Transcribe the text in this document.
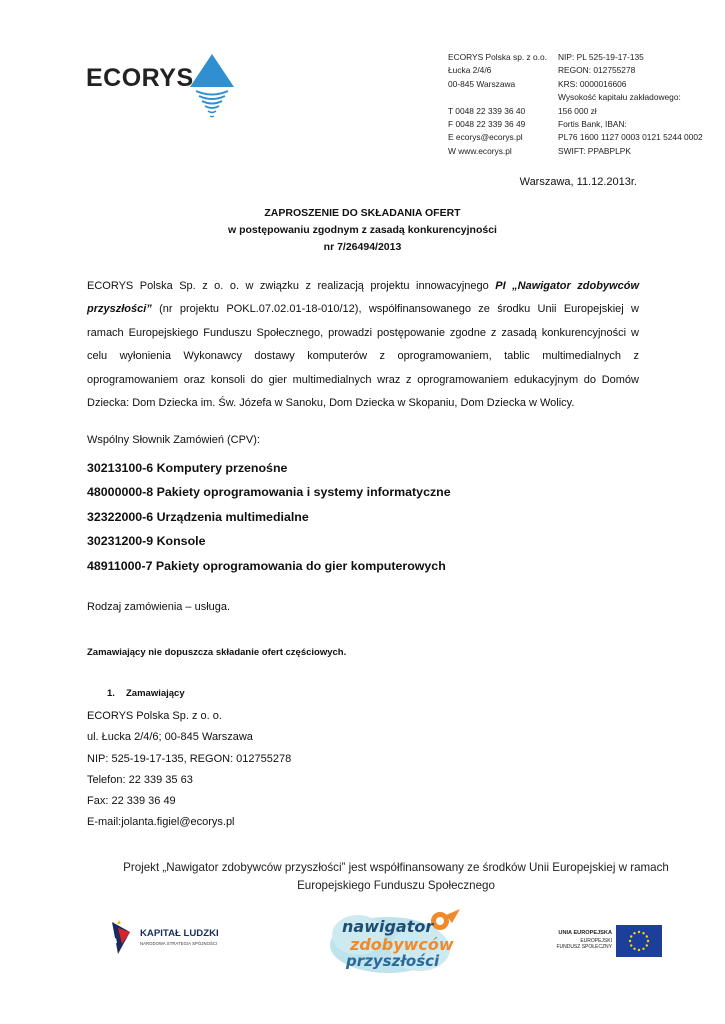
ECORYS
ECORYS Polska sp. z o.o.
Łucka 2/4/6
00-845 Warszawa
T 0048 22 339 36 40
F 0048 22 339 36 49
E ecorys@ecorys.pl
W www.ecorys.pl
NIP: PL 525-19-17-135
REGON: 012755278
KRS: 0000016606
Wysokość kapitału zakładowego:
156 000 zł
Fortis Bank, IBAN:
PL76 1600 1127 0003 0121 5244 0002
SWIFT: PPABPLPK
Warszawa, 11.12.2013r.
ZAPROSZENIE DO SKŁADANIA OFERT
w postępowaniu zgodnym z zasadą konkurencyjności
nr 7/26494/2013
ECORYS Polska Sp. z o. o. w związku z realizacją projektu innowacyjnego PI „Nawigator zdobywców przyszłości” (nr projektu POKL.07.02.01-18-010/12), współfinansowanego ze środku Unii Europejskiej w ramach Europejskiego Funduszu Społecznego, prowadzi postępowanie zgodne z zasadą konkurencyjności w celu wyłonienia Wykonawcy dostawy komputerów z oprogramowaniem, tablic multimedialnych z oprogramowaniem oraz konsoli do gier multimedialnych wraz z oprogramowaniem edukacyjnym do Domów Dziecka: Dom Dziecka im. Św. Józefa w Sanoku, Dom Dziecka w Skopaniu, Dom Dziecka w Wolicy.
Wspólny Słownik Zamówień (CPV):
30213100-6 Komputery przenośne
48000000-8 Pakiety oprogramowania i systemy informatyczne
32322000-6 Urządzenia multimedialne
30231200-9 Konsole
48911000-7 Pakiety oprogramowania do gier komputerowych
Rodzaj zamówienia – usługa.
Zamawiający nie dopuszcza składanie ofert częściowych.
1. Zamawiający
ECORYS Polska Sp. z o. o.
ul. Łucka 2/4/6; 00-845 Warszawa
NIP: 525-19-17-135, REGON: 012755278
Telefon: 22 339 35 63
Fax: 22 339 36 49
E-mail:jolanta.figiel@ecorys.pl
Projekt „Nawigator zdobywców przyszłości” jest współfinansowany ze środków Unii Europejskiej w ramach
Europejskiego Funduszu Społecznego
KAPITAŁ LUDZKI
NARODOWA STRATEGIA SPÓJNOŚCI
nawigator
zdobywców
przyszłości
UNIA EUROPEJSKA
EUROPEJSKI
FUNDUSZ SPOŁECZNY
